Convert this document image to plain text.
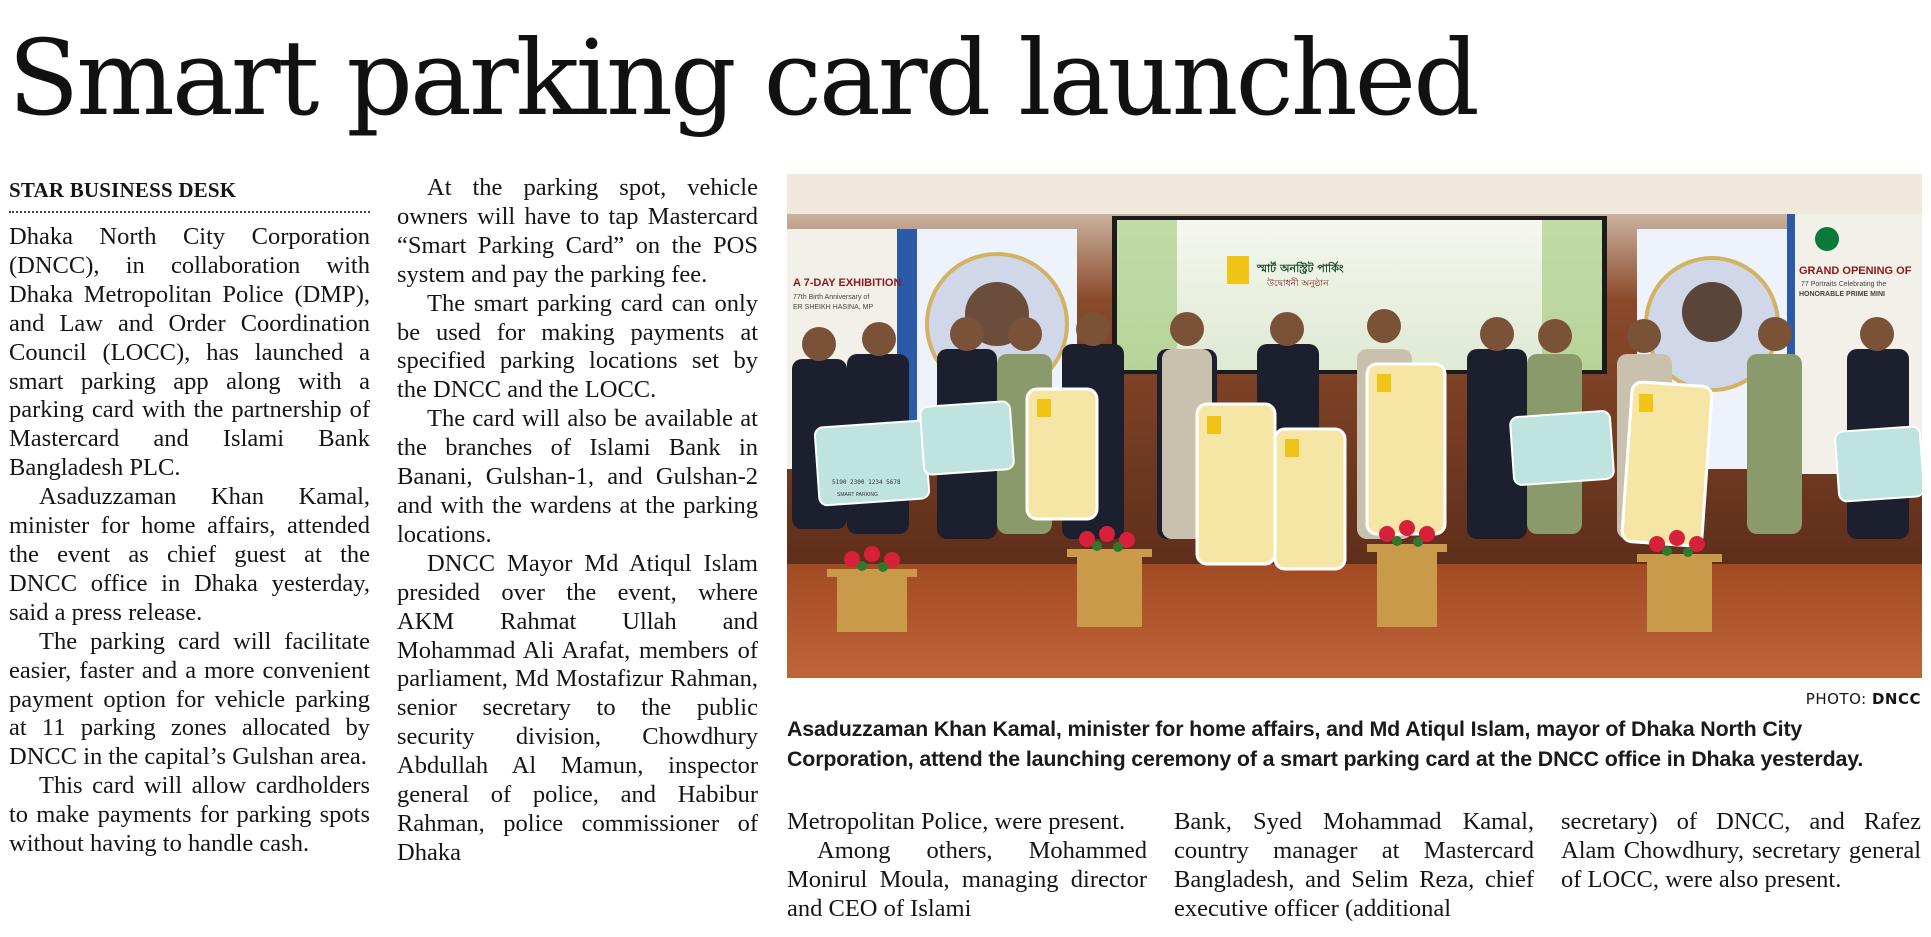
Smart parking card launched
STAR BUSINESS DESK

Dhaka North City Corporation (DNCC), in collaboration with Dhaka Metropolitan Police (DMP), and Law and Order Coordination Council (LOCC), has launched a smart parking app along with a parking card with the partnership of Mastercard and Islami Bank Bangladesh PLC.

Asaduzzaman Khan Kamal, minister for home affairs, attended the event as chief guest at the DNCC office in Dhaka yesterday, said a press release.

The parking card will facilitate easier, faster and a more convenient payment option for vehicle parking at 11 parking zones allocated by DNCC in the capital’s Gulshan area.

This card will allow cardholders to make payments for parking spots without having to handle cash.

At the parking spot, vehicle owners will have to tap Mastercard “Smart Parking Card” on the POS system and pay the parking fee.

The smart parking card can only be used for making payments at specified parking locations set by the DNCC and the LOCC.

The card will also be available at the branches of Islami Bank in Banani, Gulshan-1, and Gulshan-2 and with the wardens at the parking locations.

DNCC Mayor Md Atiqul Islam presided over the event, where AKM Rahmat Ullah and Mohammad Ali Arafat, members of parliament, Md Mostafizur Rahman, senior secretary to the public security division, Chowdhury Abdullah Al Mamun, inspector general of police, and Habibur Rahman, police commissioner of Dhaka

A 7-DAY EXHIBITION
77th Birth Anniversary of
ER SHEIKH HASINA, MP
স্মার্ট অনস্ট্রিট পার্কিং
উদ্বোধনী অনুষ্ঠান
GRAND OPENING OF
77 Portraits Celebrating the
HONORABLE PRIME MINI
5190 2300 1234 5678
SMART PARKING
PHOTO: DNCC
Asaduzzaman Khan Kamal, minister for home affairs, and Md Atiqul Islam, mayor of Dhaka North City Corporation, attend the launching ceremony of a smart parking card at the DNCC office in Dhaka yesterday.

Metropolitan Police, were present.

Among others, Mohammed Monirul Moula, managing director and CEO of Islami

Bank, Syed Mohammad Kamal, country manager at Mastercard Bangladesh, and Selim Reza, chief executive officer (additional

secretary) of DNCC, and Rafez Alam Chowdhury, secretary general of LOCC, were also present.
